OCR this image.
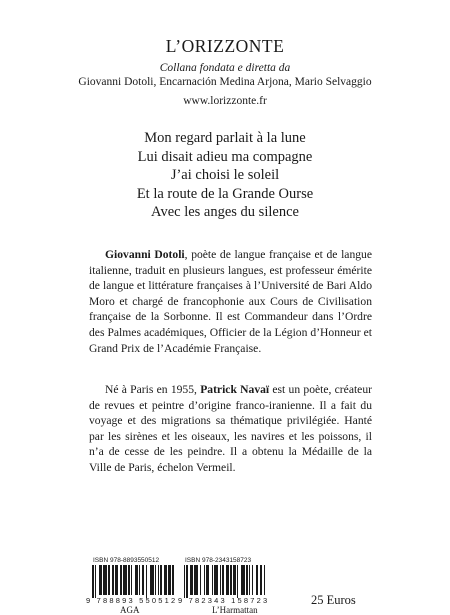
L’ORIZZONTE
Collana fondata e diretta da
Giovanni Dotoli, Encarnación Medina Arjona, Mario Selvaggio
www.lorizzonte.fr
Mon regard parlait à la lune
Lui disait adieu ma compagne
J’ai choisi le soleil
Et la route de la Grande Ourse
Avec les anges du silence

Giovanni Dotoli, poète de langue française et de langue italienne, traduit en plusieurs langues, est professeur émérite de langue et littérature françaises à l’Université de Bari Aldo Moro et chargé de francophonie aux Cours de Civilisation française de la Sorbonne. Il est Commandeur dans l’Ordre des Palmes académiques, Officier de la Légion d’Honneur et Grand Prix de l’Académie Française.

Né à Paris en 1955, Patrick Navaï est un poète, créateur de revues et peintre d’origine franco-iranienne. Il a fait du voyage et des migrations sa thématique privilégiée. Hanté par les sirènes et les oiseaux, les navires et les poissons, il n’a de cesse de les peindre. Il a obtenu la Médaille de la Ville de Paris, échelon Vermeil.

ISBN 978-8893550512
9 788893 550512
ISBN 978-2343158723
9 782343 158723
AGA	L’Harmattan
25 Euros
